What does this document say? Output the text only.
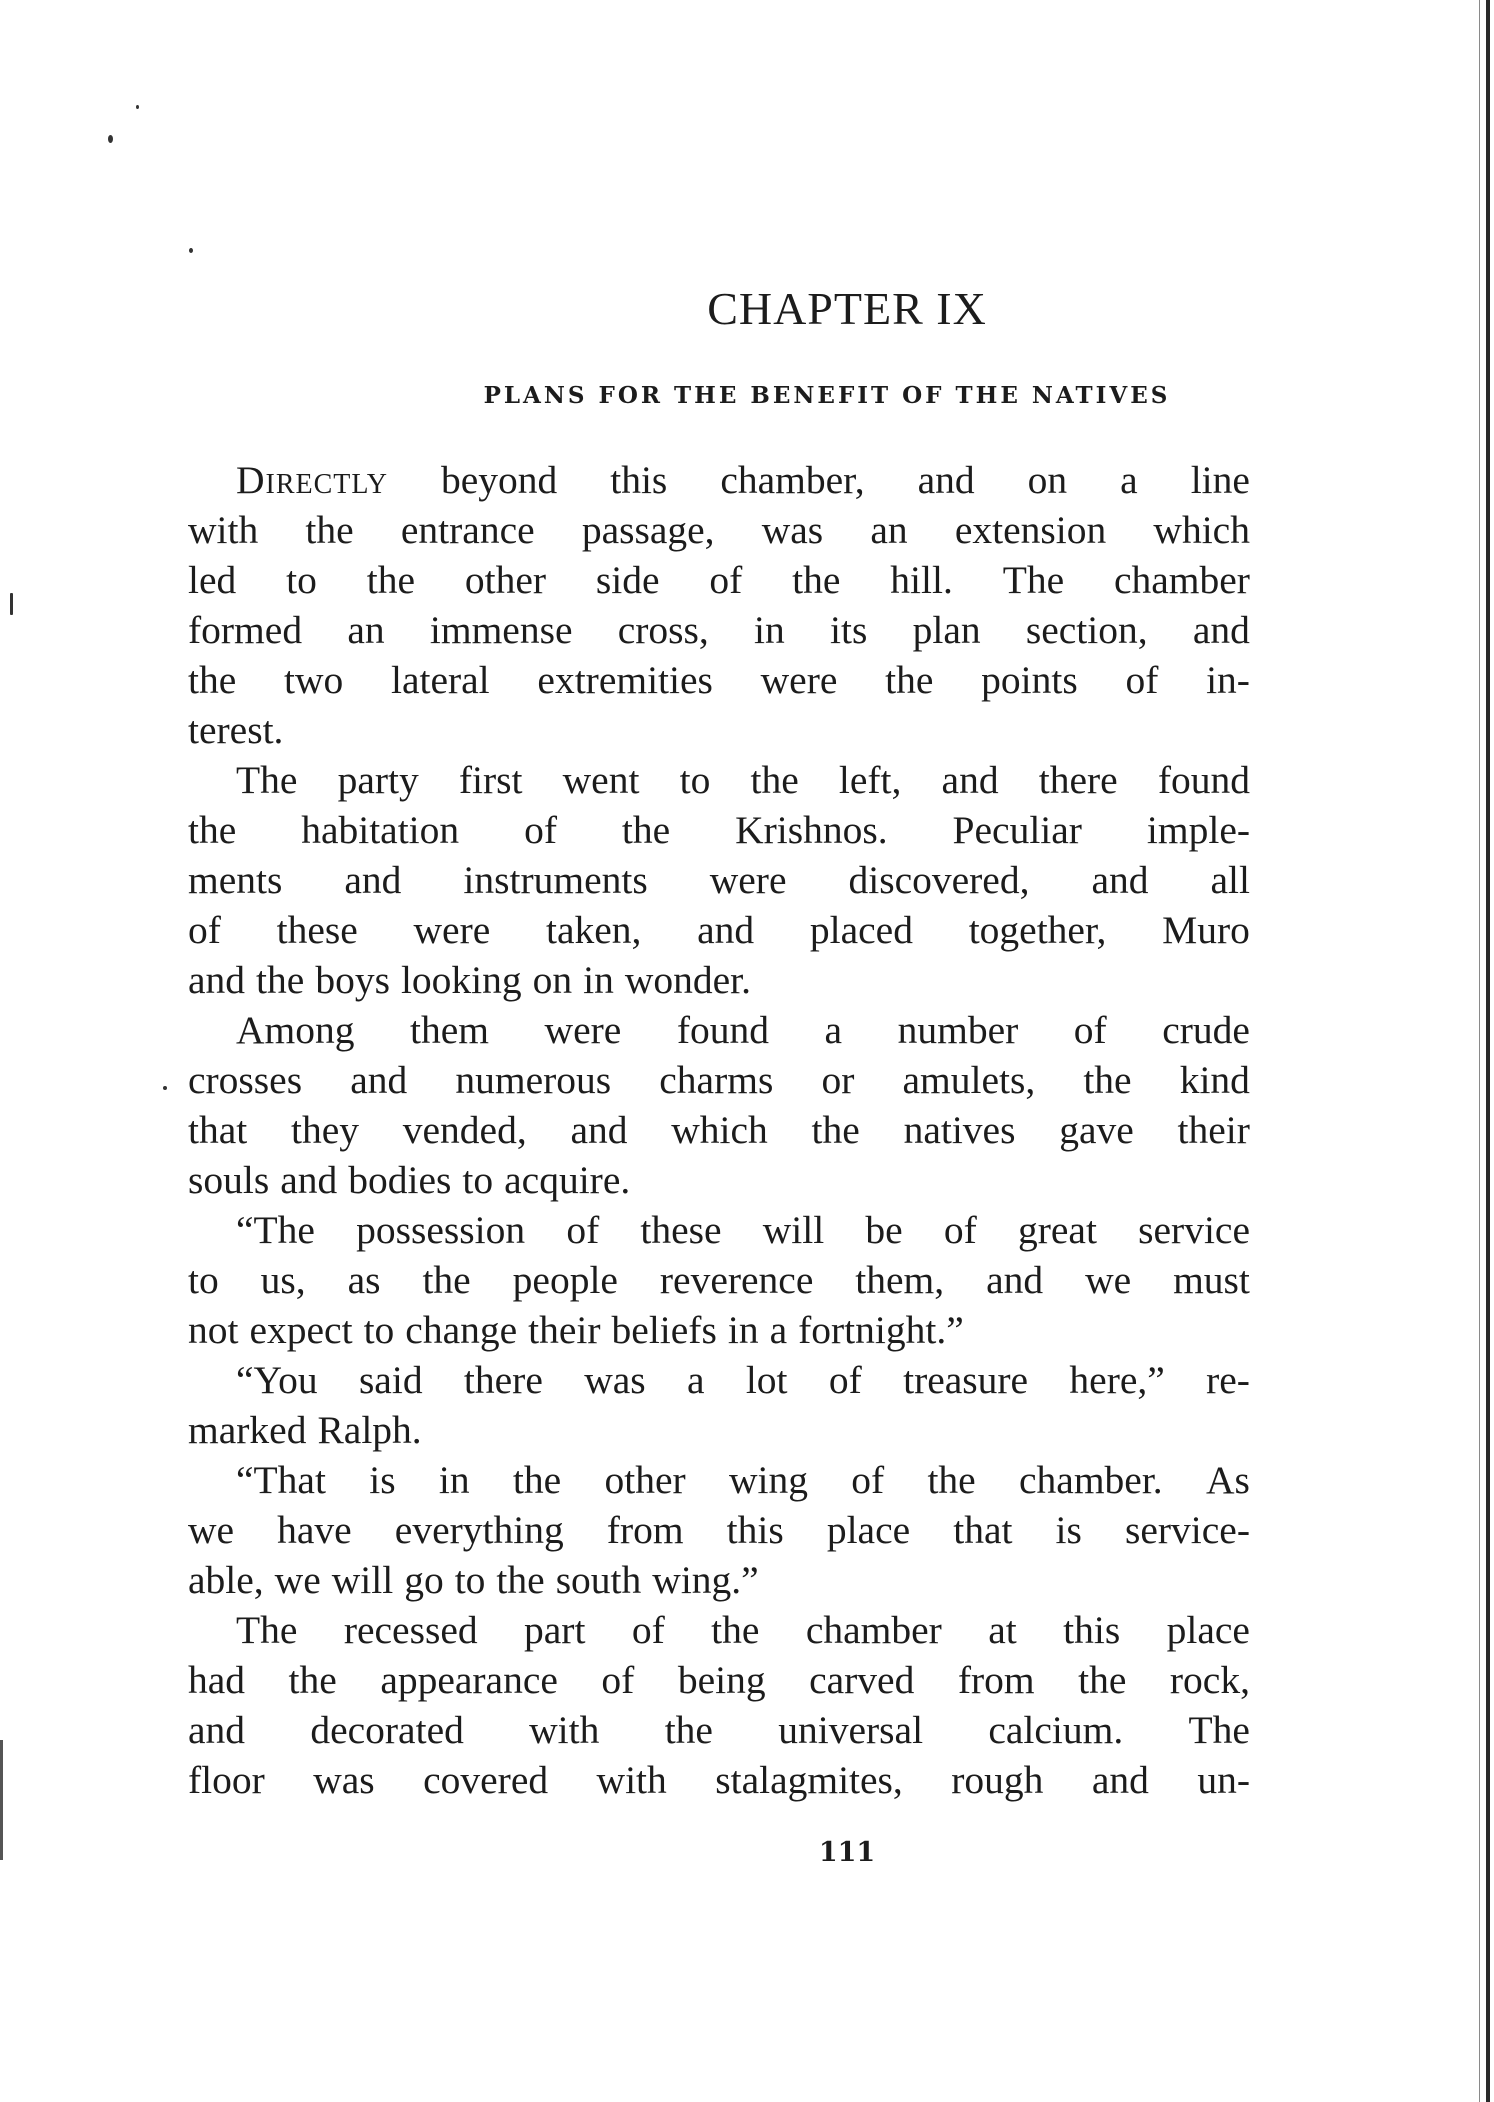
CHAPTER IX
PLANS FOR THE BENEFIT OF THE NATIVES
Directly beyond this chamber, and on a line
with the entrance passage, was an extension which
led to the other side of the hill. The chamber
formed an immense cross, in its plan section, and
the two lateral extremities were the points of in-
terest.
The party first went to the left, and there found
the habitation of the Krishnos. Peculiar imple-
ments and instruments were discovered, and all
of these were taken, and placed together, Muro
and the boys looking on in wonder.
Among them were found a number of crude
crosses and numerous charms or amulets, the kind
that they vended, and which the natives gave their
souls and bodies to acquire.
“The possession of these will be of great service
to us, as the people reverence them, and we must
not expect to change their beliefs in a fortnight.”
“You said there was a lot of treasure here,” re-
marked Ralph.
“That is in the other wing of the chamber. As
we have everything from this place that is service-
able, we will go to the south wing.”
The recessed part of the chamber at this place
had the appearance of being carved from the rock,
and decorated with the universal calcium. The
floor was covered with stalagmites, rough and un-
111
